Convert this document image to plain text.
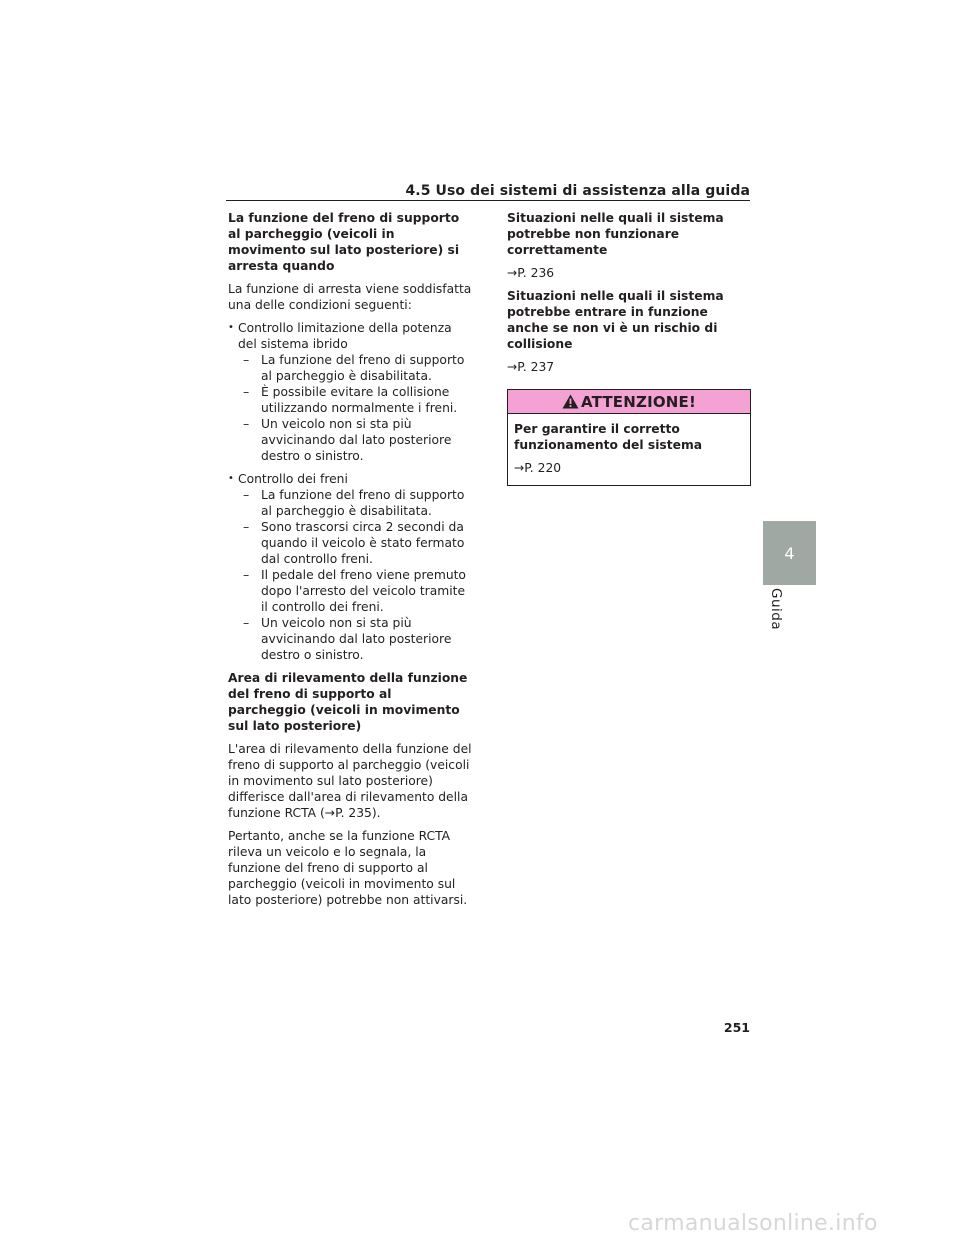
4.5 Uso dei sistemi di assistenza alla guida
La funzione del freno di supporto al parcheggio (veicoli in movimento sul lato posteriore) si arresta quando

La funzione di arresta viene soddisfatta una delle condizioni seguenti:

• Controllo limitazione della potenza del sistema ibrido
– La funzione del freno di supporto al parcheggio è disabilitata.
– È possibile evitare la collisione utilizzando normalmente i freni.
– Un veicolo non si sta più avvicinando dal lato posteriore destro o sinistro.
• Controllo dei freni
– La funzione del freno di supporto al parcheggio è disabilitata.
– Sono trascorsi circa 2 secondi da quando il veicolo è stato fermato dal controllo freni.
– Il pedale del freno viene premuto dopo l'arresto del veicolo tramite il controllo dei freni.
– Un veicolo non si sta più avvicinando dal lato posteriore destro o sinistro.
Area di rilevamento della funzione del freno di supporto al parcheggio (veicoli in movimento sul lato posteriore)

L'area di rilevamento della funzione del freno di supporto al parcheggio (veicoli in movimento sul lato posteriore) differisce dall'area di rilevamento della funzione RCTA (→P. 235).

Pertanto, anche se la funzione RCTA rileva un veicolo e lo segnala, la funzione del freno di supporto al parcheggio (veicoli in movimento sul lato posteriore) potrebbe non attivarsi.

Situazioni nelle quali il sistema potrebbe non funzionare correttamente

→P. 236

Situazioni nelle quali il sistema potrebbe entrare in funzione anche se non vi è un rischio di collisione

→P. 237

ATTENZIONE!
Per garantire il corretto funzionamento del sistema

→P. 220

4
Guida
251
carmanualsonline.info
